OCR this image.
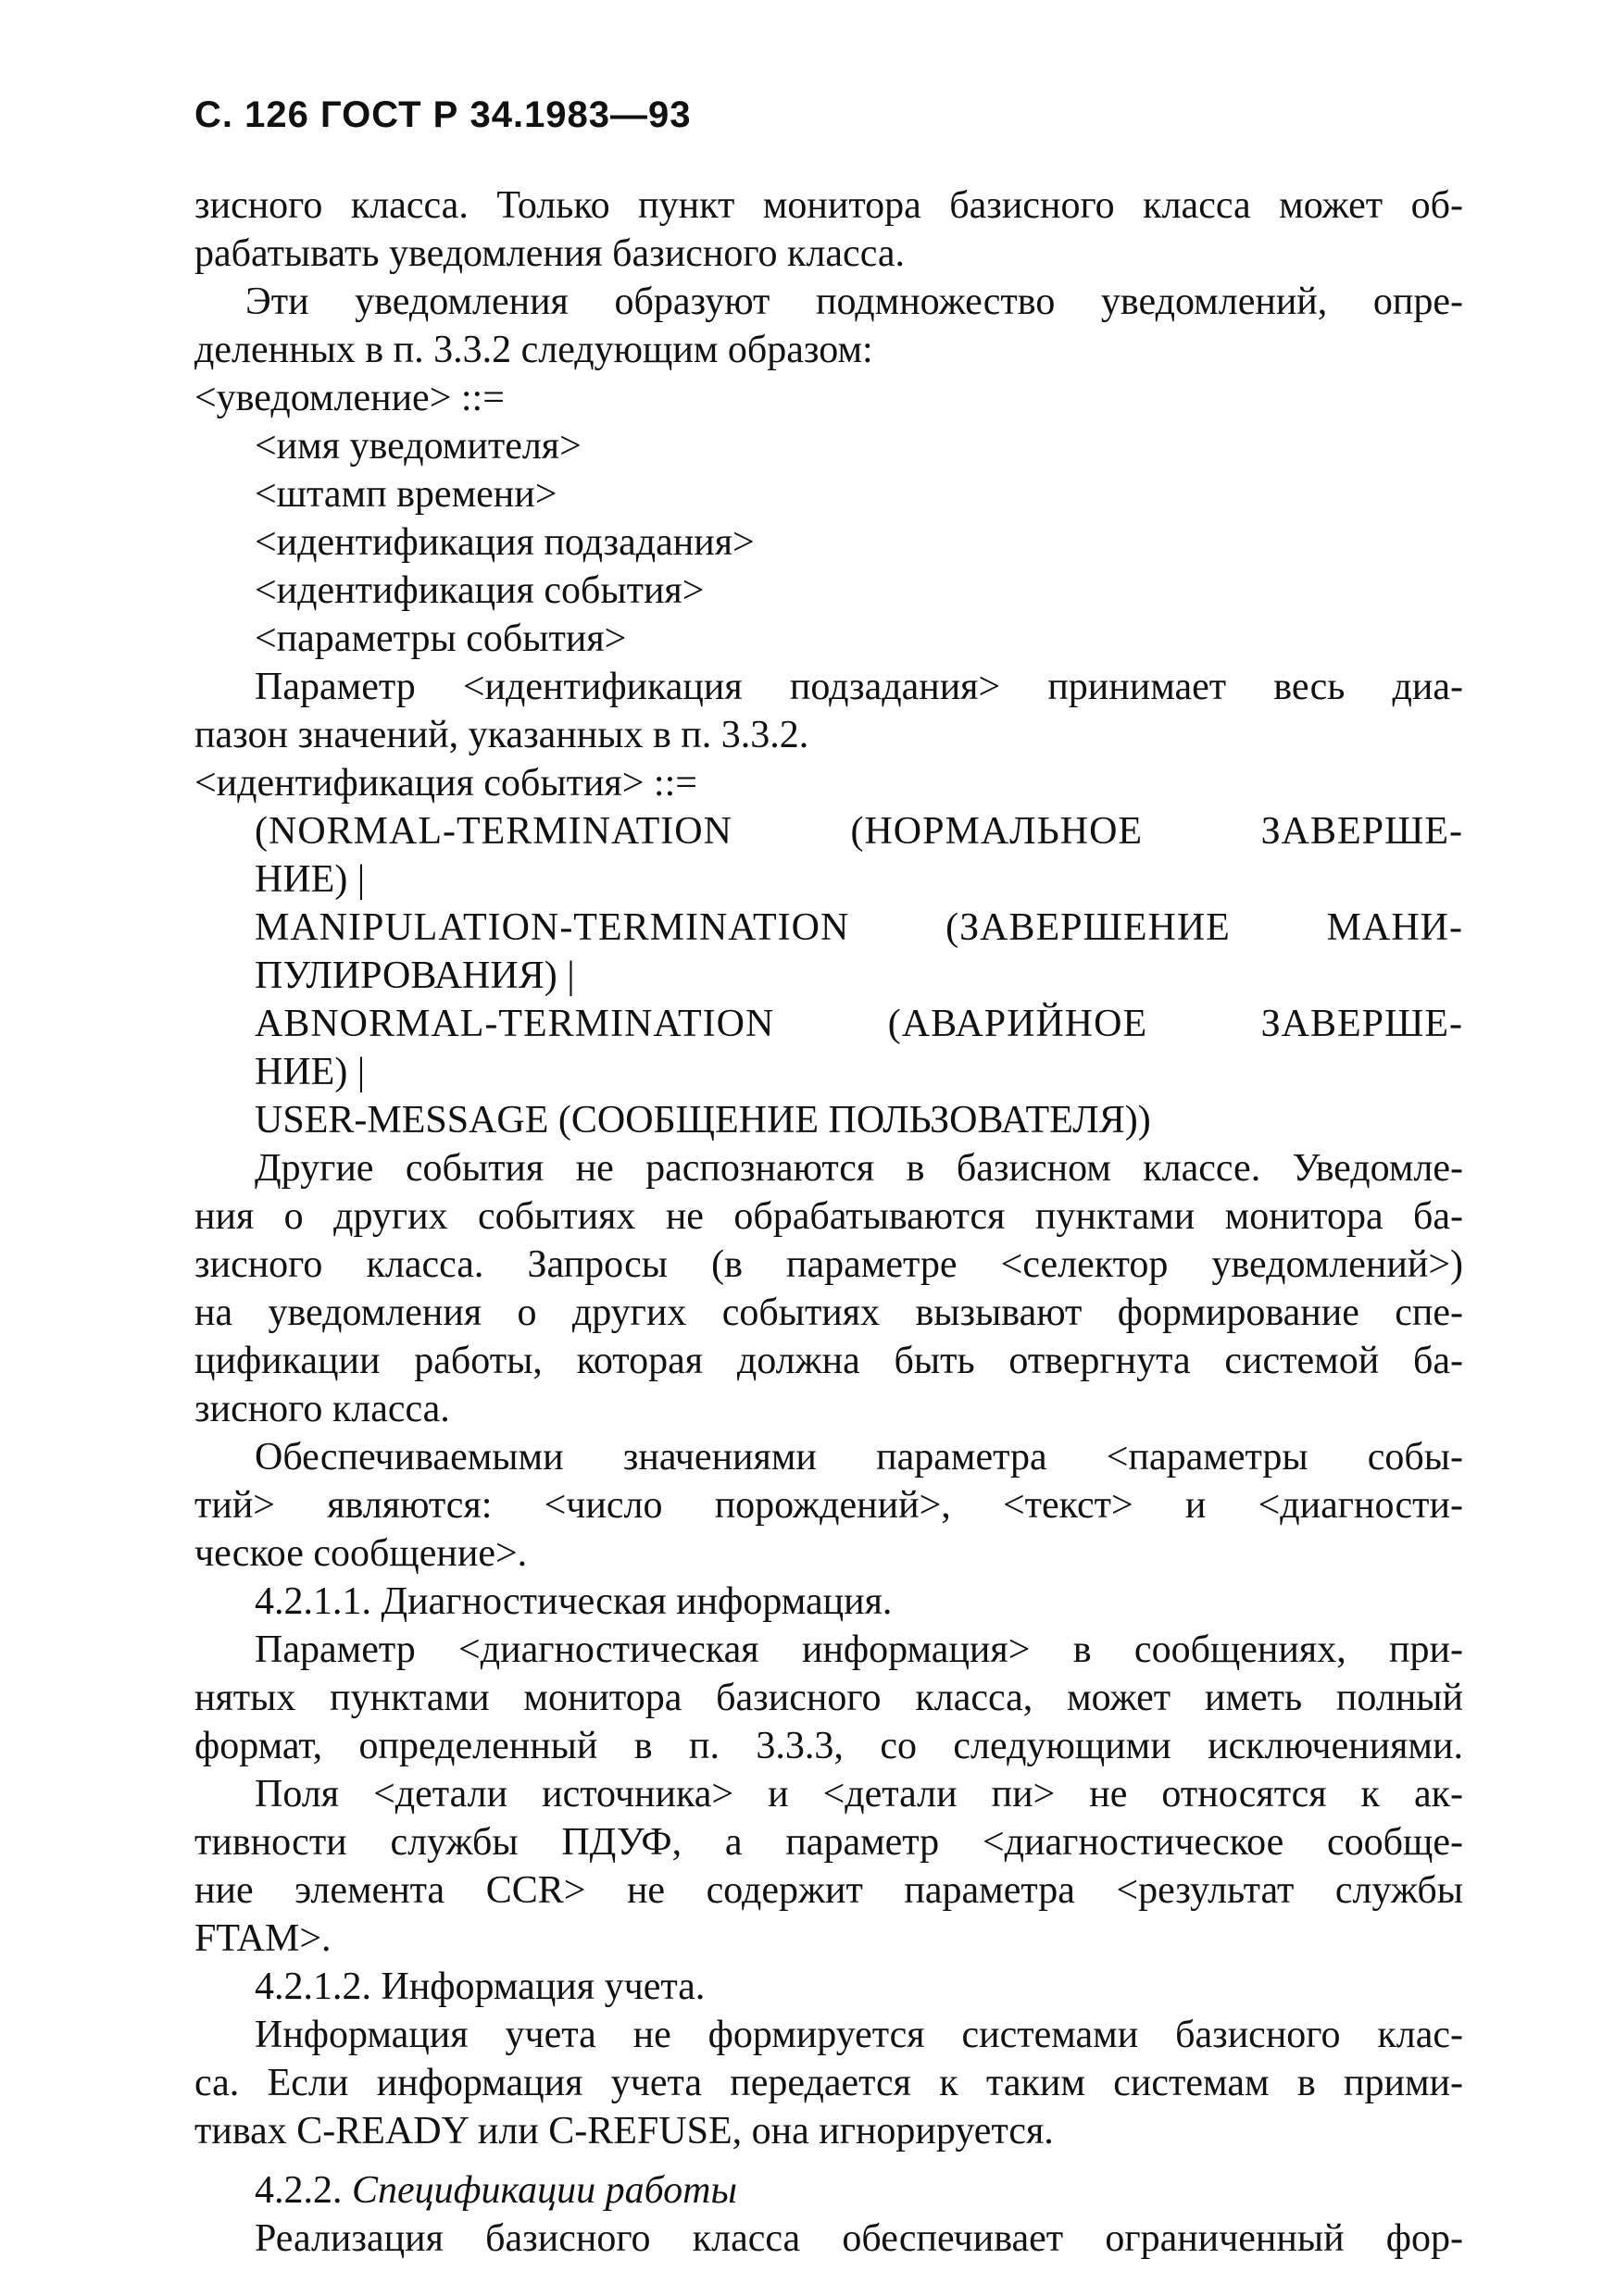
С. 126 ГОСТ Р 34.1983—93
зисного класса. Только пункт монитора базисного класса может об-
рабатывать уведомления базисного класса.
Эти уведомления образуют подмножество уведомлений, опре-
деленных в п. 3.3.2 следующим образом:
<уведомление> ::=
<имя уведомителя>
<штамп времени>
<идентификация подзадания>
<идентификация события>
<параметры события>
Параметр <идентификация подзадания> принимает весь диа-
пазон значений, указанных в п. 3.3.2.
<идентификация события> ::=
(NORMAL-TERMINATION (НОРМАЛЬНОЕ ЗАВЕРШЕ-
НИЕ) |
MANIPULATION-TERMINATION (ЗАВЕРШЕНИЕ МАНИ-
ПУЛИРОВАНИЯ) |
ABNORMAL-TERMINATION (АВАРИЙНОЕ ЗАВЕРШЕ-
НИЕ) |
USER-MESSAGE (СООБЩЕНИЕ ПОЛЬЗОВАТЕЛЯ))
Другие события не распознаются в базисном классе. Уведомле-
ния о других событиях не обрабатываются пунктами монитора ба-
зисного класса. Запросы (в параметре <селектор уведомлений>)
на уведомления о других событиях вызывают формирование спе-
цификации работы, которая должна быть отвергнута системой ба-
зисного класса.
Обеспечиваемыми значениями параметра <параметры собы-
тий> являются: <число порождений>, <текст> и <диагности-
ческое сообщение>.
4.2.1.1. Диагностическая информация.
Параметр <диагностическая информация> в сообщениях, при-
нятых пунктами монитора базисного класса, может иметь полный
формат, определенный в п. 3.3.3, со следующими исключениями.
Поля <детали источника> и <детали пи> не относятся к ак-
тивности службы ПДУФ, а параметр <диагностическое сообще-
ние элемента CCR> не содержит параметра <результат службы
FTAM>.
4.2.1.2. Информация учета.
Информация учета не формируется системами базисного клас-
са. Если информация учета передается к таким системам в прими-
тивах C-READY или C-REFUSE, она игнорируется.
4.2.2. Спецификации работы
Реализация базисного класса обеспечивает ограниченный фор-
